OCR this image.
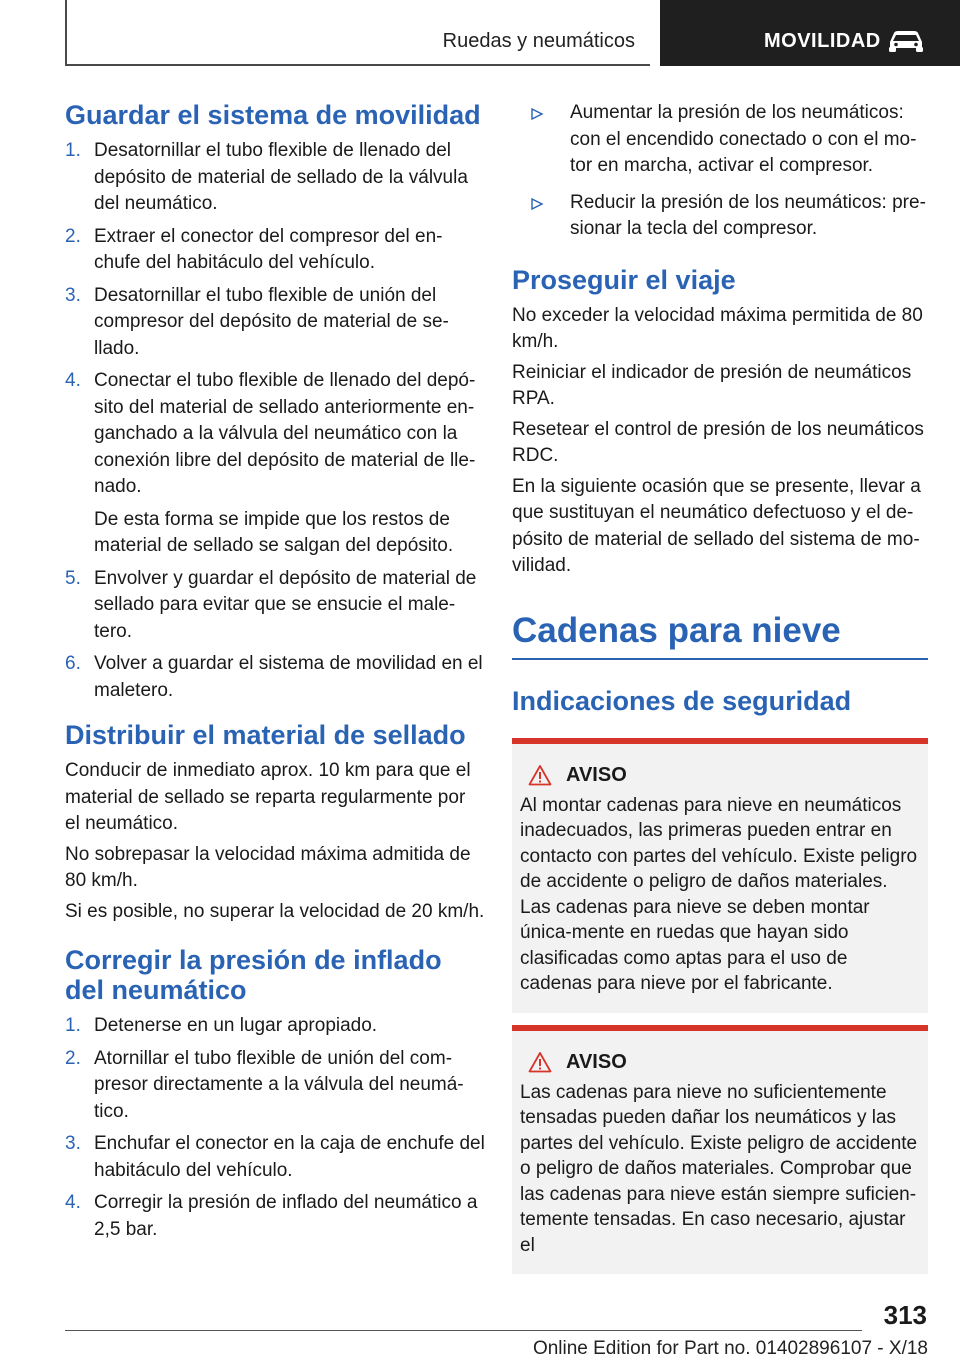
Ruedas y neumáticos	MOVILIDAD
Guardar el sistema de movilidad
1. Desatornillar el tubo flexible de llenado del depósito de material de sellado de la válvula del neumático.
2. Extraer el conector del compresor del en‐chufe del habitáculo del vehículo.
3. Desatornillar el tubo flexible de unión del compresor del depósito de material de se‐llado.
4. Conectar el tubo flexible de llenado del depó‐sito del material de sellado anteriormente en‐ganchado a la válvula del neumático con la conexión libre del depósito de material de lle‐nado.
De esta forma se impide que los restos de material de sellado se salgan del depósito.
5. Envolver y guardar el depósito de material de sellado para evitar que se ensucie el male‐tero.
6. Volver a guardar el sistema de movilidad en el maletero.
Distribuir el material de sellado

Conducir de inmediato aprox. 10 km para que el material de sellado se reparta regularmente por el neumático.

No sobrepasar la velocidad máxima admitida de 80 km/h.

Si es posible, no superar la velocidad de 20 km/h.

Corregir la presión de inflado del neumático
1. Detenerse en un lugar apropiado.
2. Atornillar el tubo flexible de unión del com‐presor directamente a la válvula del neumá‐tico.
3. Enchufar el conector en la caja de enchufe del habitáculo del vehículo.
4. Corregir la presión de inflado del neumático a 2,5 bar.
Aumentar la presión de los neumáticos: con el encendido conectado o con el mo‐tor en marcha, activar el compresor.
Reducir la presión de los neumáticos: pre‐sionar la tecla del compresor.
Proseguir el viaje

No exceder la velocidad máxima permitida de 80 km/h.

Reiniciar el indicador de presión de neumáticos RPA.

Resetear el control de presión de los neumáticos RDC.

En la siguiente ocasión que se presente, llevar a que sustituyan el neumático defectuoso y el de‐pósito de material de sellado del sistema de mo‐vilidad.

Cadenas para nieve
Indicaciones de seguridad
AVISO
Al montar cadenas para nieve en neumáticos inadecuados, las primeras pueden entrar en contacto con partes del vehículo. Existe peligro de accidente o peligro de daños materiales. Las cadenas para nieve se deben montar única‐mente en ruedas que hayan sido clasificadas como aptas para el uso de cadenas para nieve por el fabricante.
AVISO
Las cadenas para nieve no suficientemente tensadas pueden dañar los neumáticos y las partes del vehículo. Existe peligro de accidente o peligro de daños materiales. Comprobar que las cadenas para nieve están siempre suficien‐temente tensadas. En caso necesario, ajustar el
313
Online Edition for Part no. 01402896107 - X/18
